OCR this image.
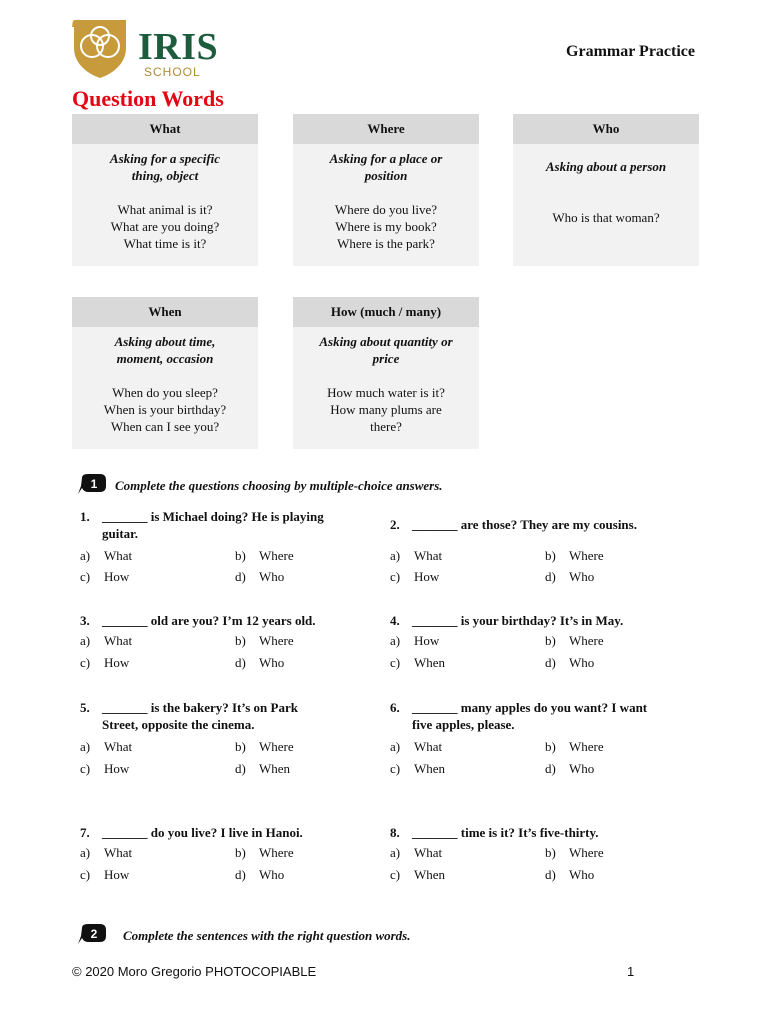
IRIS
SCHOOL
Grammar Practice
Question Words
What
Asking for a specific
thing, object
What animal is it?
What are you doing?
What time is it?
Where
Asking for a place or
position
Where do you live?
Where is my book?
Where is the park?
Who
Asking about a person
Who is that woman?
When
Asking about time,
moment, occasion
When do you sleep?
When is your birthday?
When can I see you?
How (much / many)
Asking about quantity or
price
How much water is it?
How many plums are
there?
1 Complete the questions choosing by multiple-choice answers.
1. _______ is Michael doing? He is playing
guitar.
a) What	b) Where
c) How	d) Who
2. _______ are those? They are my cousins.
a) What	b) Where
c) How	d) Who
3. _______ old are you? I’m 12 years old.
a) What	b) Where
c) How	d) Who
4. _______ is your birthday? It’s in May.
a) How	b) Where
c) When	d) Who
5. _______ is the bakery? It’s on Park
Street, opposite the cinema.
a) What	b) Where
c) How	d) When
6. _______ many apples do you want? I want
five apples, please.
a) What	b) Where
c) When	d) Who
7. _______ do you live? I live in Hanoi.
a) What	b) Where
c) How	d) Who
8. _______ time is it? It’s five-thirty.
a) What	b) Where
c) When	d) Who
2 Complete the sentences with the right question words.
© 2020 Moro Gregorio PHOTOCOPIABLE	1
